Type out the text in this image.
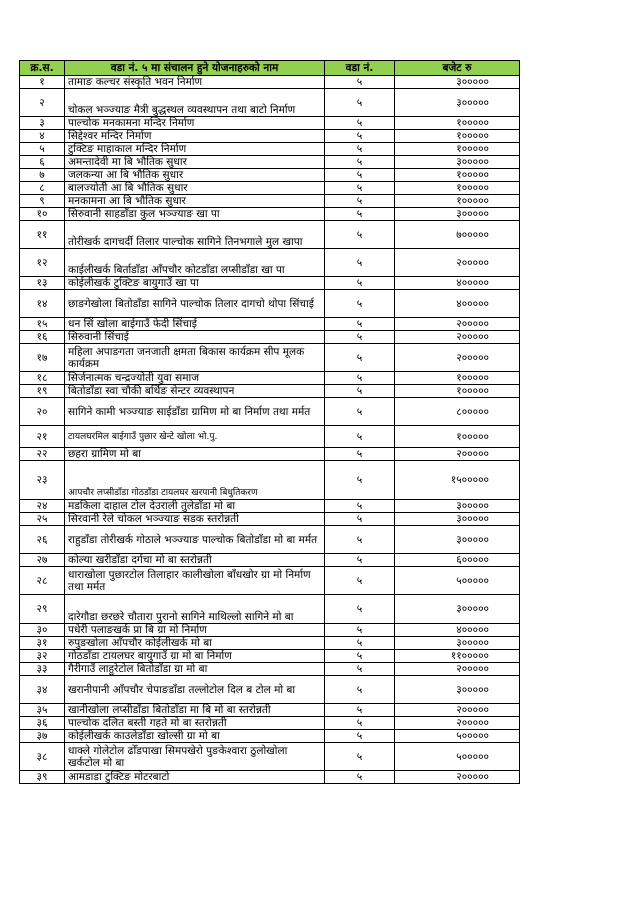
क्र.स.	वडा नं. ५ मा संचालन हुने योजनाहरुको नाम	वडा नं.	बजेट रु
१	तामाङ कल्चर संस्कृति भवन निर्माण	५	३०००००
२	चोकल भञ्ज्याङ मैत्री बुद्धस्थल व्यवस्थापन तथा बाटो निर्माण	५	३०००००
३	पाल्चोक मनकामना मन्दिर निर्माण	५	१०००००
४	सिद्देश्वर मन्दिर निर्माण	५	१०००००
५	टुक्टिङ माहाकाल मन्दिर निर्माण	५	१०००००
६	अमन्तादेवी मा बि भौतिक सुधार	५	३०००००
७	जलकन्या आ बि भौतिक सुधार	५	१०००००
८	बालज्योती आ बि भौतिक सुधार	५	१०००००
९	मनकामना आ बि भौतिक सुधार	५	१०००००
१०	सिरुवानी साहडाँडा कुल भञ्ज्याङ खा पा	५	३०००००
११	तोरीखर्क दागचर्दी तिलार पाल्चोक सागिने तिनभगाले मुल खापा	५	७०००००
१२	काईलीखर्क बिर्ताडाँडा आँपचौर कोटडाँडा लप्सीडाँडा खा पा	५	२०००००
१३	कोईलीखर्क टुक्टिङ बायुगाउँ खा पा	५	४०००००
१४	छाङगेखोला बितोडाँडा सागिने पाल्चोक तिलार दागचो थोपा सिंचाई	५	४०००००
१५	धन सिं खोला बाईगाउँ फेदी सिंचाई	५	२०००००
१६	सिरुवानी सिंचाई	५	२०००००
१७	महिला अपाङगता जनजाती क्षमता बिकास कार्यक्रम सीप मूलक कार्यक्रम	५	२०००००
१८	सिर्जनात्मक चन्द्रज्योती युवा समाज	५	१०००००
१९	बितोडाँडा स्वा चौकी बर्थिङ सेन्टर व्यवस्थापन	५	१०००००
२०	सागिने कामी भञ्ज्याङ साईडाँडा ग्रामिण मो बा निर्माण तथा मर्मत	५	८०००००
२१	टायलघरमिल बाईगाउँ पुछार खेन्टे खोला भो.पु.	५	१०००००
२२	छहरा ग्रामिण मो बा	५	२०००००
२३	आपचौर लप्सीडाँडा गोठडाँडा टायलघर खरपानी बिधुतिकरण	५	१५०००००
२४	मडकिला दाहाल टोल देउराली तुलेडाँडा मो बा	५	३०००००
२५	सिरवानी रेले चोकल भञ्ज्याङ सडक स्तरोन्नती	५	३०००००
२६	राहुडाँडा तोरीखर्क गोठाले भञ्ज्याङ पाल्चोक बितोडाँडा मो बा मर्मत	५	३०००००
२७	कोल्या खरीडाँडा दर्गचा मो बा स्तरोन्नती	५	६०००००
२८	धाराखोला पुछारटोल तिलाहार कालीखोला बाँधखोर ग्रा मो निर्माण तथा मर्मत	५	५०००००
२९	दारेगौडा छरछरे चौतारा पुरानो सागिने माथिल्लो सागिने मो बा	५	३०००००
३०	पधेरी पलाङखर्क प्रा बि ग्रा मो निर्माण	५	४०००००
३१	रुपुङखोला आँपचौर कोईलीखर्क मो बा	५	३०००००
३२	गोठडाँडा टायलघर बायुगाउँ ग्रा मो बा निर्माण	५	११०००००
३३	गैरीगाउँ लाहुरेटोल बितोडाँडा ग्रा मो बा	५	२०००००
३४	खरानीपानी आँपचौर चेपाङडाँडा तल्लोटोल दिल ब टोल मो बा	५	३०००००
३५	खानीखोला लप्सीडाँडा बितोडाँडा मा बि मो बा स्तरोन्नती	५	२०००००
३६	पाल्चोक दलित बस्ती गहते मो बा स्तरोन्नती	५	२०००००
३७	कोईलीखर्क काउलेडाँडा खोल्सी ग्रा मो बा	५	५०००००
३८	धाक्ले गोलेटोल ढोँडपाखा सिमपखेरो पुङकेश्वारा ठुलोखोला खर्कटोल मो बा	५	५०००००
३९	आमडाडा टुक्टिङ मोटरबाटो	५	२०००००
